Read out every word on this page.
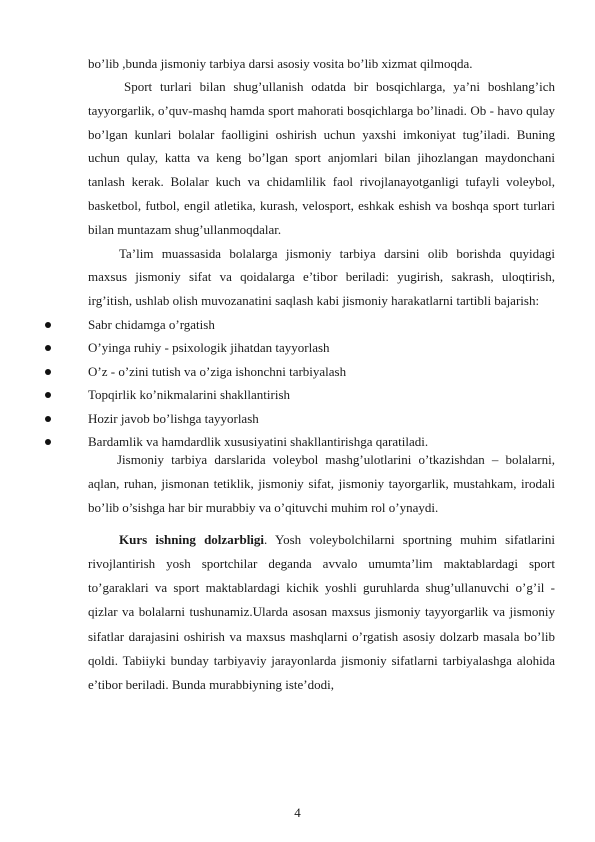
bo’lib ,bunda jismoniy tarbiya darsi asosiy vosita bo’lib xizmat qilmoqda.

Sport turlari bilan shug’ullanish odatda bir bosqichlarga, ya’ni boshlang’ich tayyorgarlik, o’quv-mashq hamda sport mahorati bosqichlarga bo’linadi. Ob - havo qulay bo’lgan kunlari bolalar faolligini oshirish uchun yaxshi imkoniyat tug’iladi. Buning uchun qulay, katta va keng bo’lgan sport anjomlari bilan jihozlangan maydonchani tanlash kerak. Bolalar kuch va chidamlilik faol rivojlanayotganligi tufayli voleybol, basketbol, futbol, engil atletika, kurash, velosport, eshkak eshish va boshqa sport turlari bilan muntazam shug’ullanmoqdalar.

Ta’lim muassasida bolalarga jismoniy tarbiya darsini olib borishda quyidagi maxsus jismoniy sifat va qoidalarga e’tibor beriladi: yugirish, sakrash, uloqtirish, irg’itish, ushlab olish muvozanatini saqlash kabi jismoniy harakatlarni tartibli bajarish:

Sabr chidamga o’rgatish
O’yinga ruhiy - psixologik jihatdan tayyorlash
O’z - o’zini tutish va o’ziga ishonchni tarbiyalash
Topqirlik ko’nikmalarini shakllantirish
Hozir javob bo’lishga tayyorlash
Bardamlik va hamdardlik xususiyatini shakllantirishga qaratiladi.

Jismoniy tarbiya darslarida voleybol mashg’ulotlarini o’tkazishdan – bolalarni, aqlan, ruhan, jismonan tetiklik, jismoniy sifat, jismoniy tayorgarlik, mustahkam, irodali bo’lib o’sishga har bir murabbiy va o’qituvchi muhim rol o’ynaydi.

Kurs ishning dolzarbligi. Yosh voleybolchilarni sportning muhim sifatlarini rivojlantirish yosh sportchilar deganda avvalo umumta’lim maktablardagi sport to’garaklari va sport maktablardagi kichik yoshli guruhlarda shug’ullanuvchi o’g’il - qizlar va bolalarni tushunamiz.Ularda asosan maxsus jismoniy tayyorgarlik va jismoniy sifatlar darajasini oshirish va maxsus mashqlarni o’rgatish asosiy dolzarb masala bo’lib qoldi. Tabiiyki bunday tarbiyaviy jarayonlarda jismoniy sifatlarni tarbiyalashga alohida e’tibor beriladi. Bunda murabbiyning iste’dodi,

4
